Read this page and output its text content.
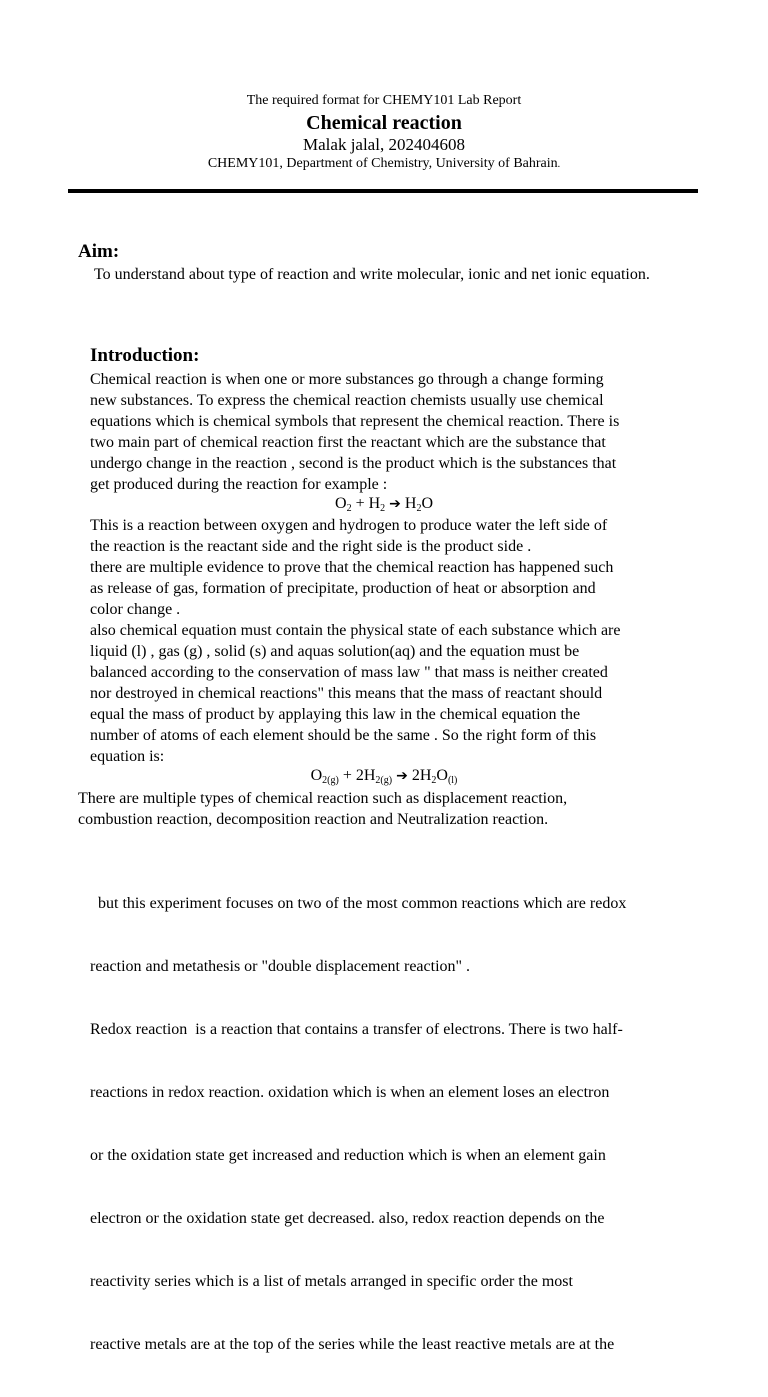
The required format for CHEMY101 Lab Report
Chemical reaction
Malak jalal, 202404608
CHEMY101, Department of Chemistry, University of Bahrain.
Aim:
To understand about type of reaction and write molecular, ionic and net ionic equation.
Introduction:
Chemical reaction is when one or more substances go through a change forming
new substances. To express the chemical reaction chemists usually use chemical
equations which is chemical symbols that represent the chemical reaction. There is
two main part of chemical reaction first the reactant which are the substance that
undergo change in the reaction , second is the product which is the substances that
get produced during the reaction for example :
$O_2 + H_2$ ➔ $H_2O$
This is a reaction between oxygen and hydrogen to produce water the left side of
the reaction is the reactant side and the right side is the product side .
there are multiple evidence to prove that the chemical reaction has happened such
as release of gas, formation of precipitate, production of heat or absorption and
color change .
also chemical equation must contain the physical state of each substance which are
liquid (l) , gas (g) , solid (s) and aquas solution(aq) and the equation must be
balanced according to the conservation of mass law " that mass is neither created
nor destroyed in chemical reactions" this means that the mass of reactant should
equal the mass of product by applaying this law in the chemical equation the
number of atoms of each element should be the same . So the right form of this
equation is:
$O_{2(g)} + 2H_{2(g)}$ ➔ $2H_2O_{(l)}$
There are multiple types of chemical reaction such as displacement reaction,
combustion reaction, decomposition reaction and Neutralization reaction.

but this experiment focuses on two of the most common reactions which are redox

reaction and metathesis or "double displacement reaction" .

Redox reaction  is a reaction that contains a transfer of electrons. There is two half-

reactions in redox reaction. oxidation which is when an element loses an electron

or the oxidation state get increased and reduction which is when an element gain

electron or the oxidation state get decreased. also, redox reaction depends on the

reactivity series which is a list of metals arranged in specific order the most

reactive metals are at the top of the series while the least reactive metals are at the
